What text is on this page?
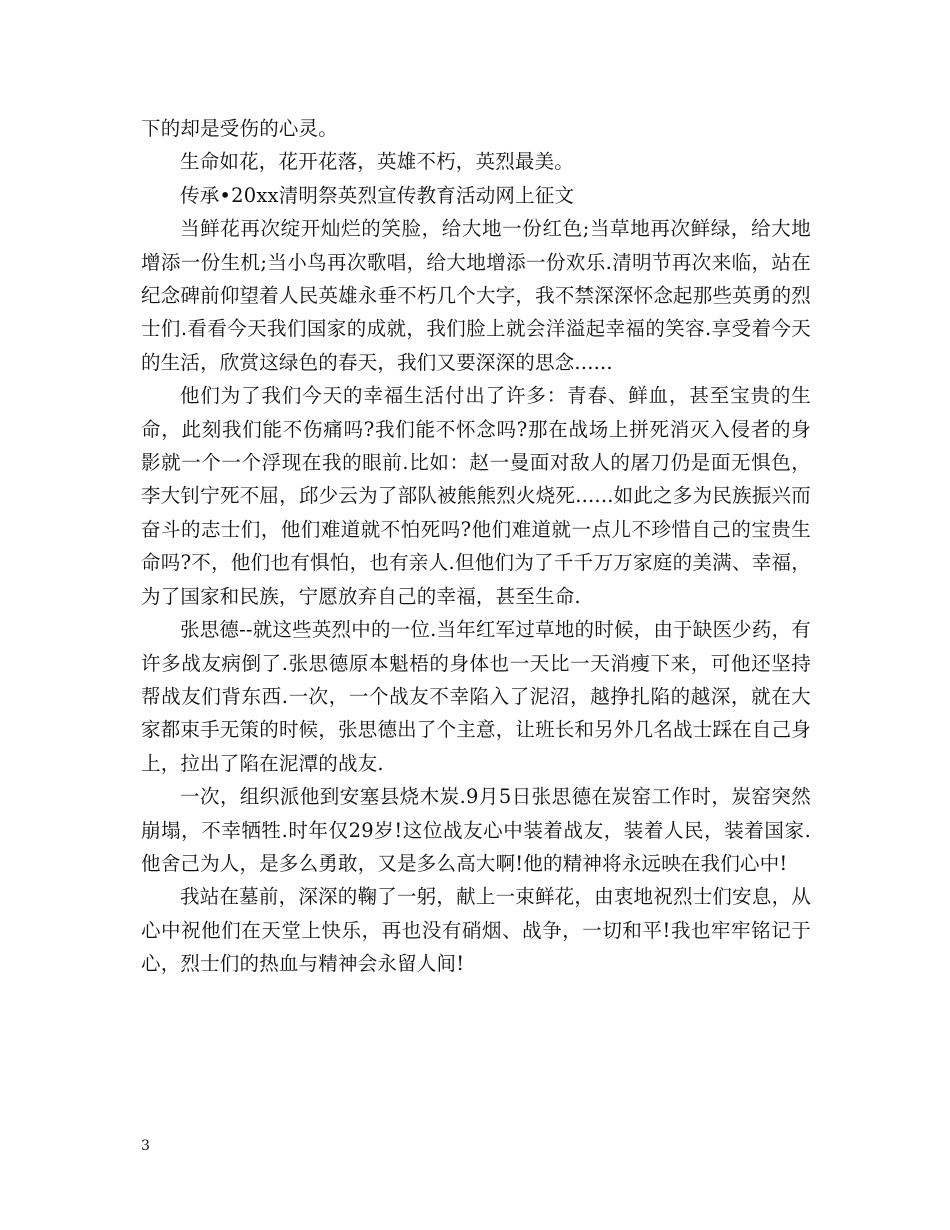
下的却是受伤的心灵。

生命如花，花开花落，英雄不朽，英烈最美。

传承•20xx清明祭英烈宣传教育活动网上征文

当鲜花再次绽开灿烂的笑脸，给大地一份红色;当草地再次鲜绿，给大地增添一份生机;当小鸟再次歌唱，给大地增添一份欢乐.清明节再次来临，站在纪念碑前仰望着人民英雄永垂不朽几个大字，我不禁深深怀念起那些英勇的烈士们.看看今天我们国家的成就，我们脸上就会洋溢起幸福的笑容.享受着今天的生活，欣赏这绿色的春天，我们又要深深的思念......

他们为了我们今天的幸福生活付出了许多：青春、鲜血，甚至宝贵的生命，此刻我们能不伤痛吗?我们能不怀念吗?那在战场上拼死消灭入侵者的身影就一个一个浮现在我的眼前.比如：赵一曼面对敌人的屠刀仍是面无惧色，李大钊宁死不屈，邱少云为了部队被熊熊烈火烧死......如此之多为民族振兴而奋斗的志士们，他们难道就不怕死吗?他们难道就一点儿不珍惜自己的宝贵生命吗?不，他们也有惧怕，也有亲人.但他们为了千千万万家庭的美满、幸福，为了国家和民族，宁愿放弃自己的幸福，甚至生命.

张思德--就这些英烈中的一位.当年红军过草地的时候，由于缺医少药，有许多战友病倒了.张思德原本魁梧的身体也一天比一天消瘦下来，可他还坚持帮战友们背东西.一次，一个战友不幸陷入了泥沼，越挣扎陷的越深，就在大家都束手无策的时候，张思德出了个主意，让班长和另外几名战士踩在自己身上，拉出了陷在泥潭的战友.

一次，组织派他到安塞县烧木炭.9月5日张思德在炭窑工作时，炭窑突然崩塌，不幸牺牲.时年仅29岁!这位战友心中装着战友，装着人民，装着国家.他舍己为人，是多么勇敢，又是多么高大啊!他的精神将永远映在我们心中!

我站在墓前，深深的鞠了一躬，献上一束鲜花，由衷地祝烈士们安息，从心中祝他们在天堂上快乐，再也没有硝烟、战争，一切和平!我也牢牢铭记于心，烈士们的热血与精神会永留人间!

3
